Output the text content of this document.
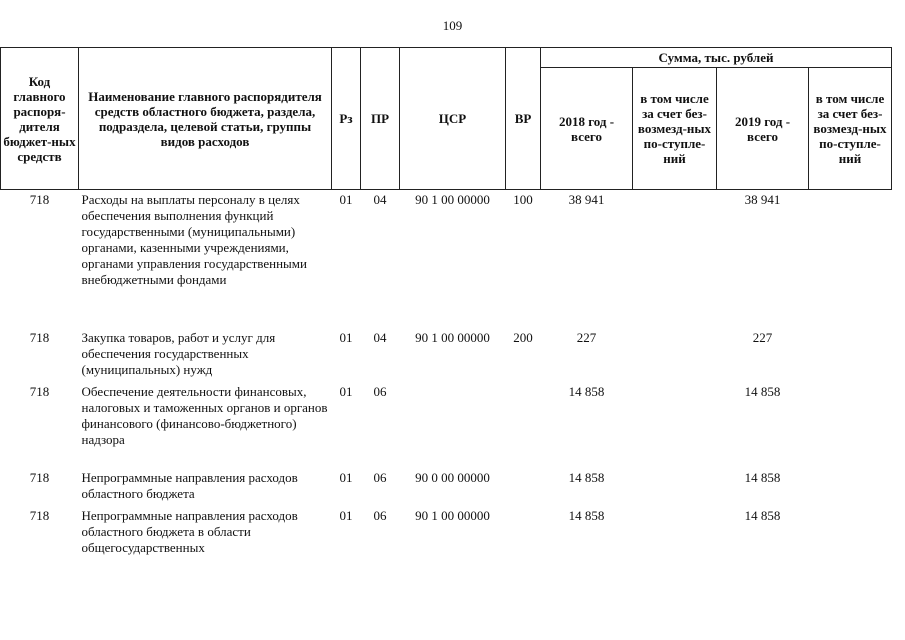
109
Код главного распоря-дителя бюджет-ных средств	Наименование главного распорядителя средств областного бюджета, раздела, подраздела, целевой статьи, группы видов расходов	Рз	ПР	ЦСР	ВР	Сумма, тыс. рублей			
						2018 год - всего	в том числе за счет без-возмезд-ных по-ступле-ний	2019 год - всего	в том числе за счет без-возмезд-ных по-ступле-ний
718	Расходы на выплаты персоналу в целях обеспечения выполнения функций государственными (муниципальными) органами, казенными учреждениями, органами управления государственными внебюджетными фондами	01	04	90 1 00 00000	100	38 941		38 941	
718	Закупка товаров, работ и услуг для обеспечения государственных (муниципальных) нужд	01	04	90 1 00 00000	200	227		227	
718	Обеспечение деятельности финансовых, налоговых и таможенных органов и органов финансового (финансово-бюджетного) надзора	01	06			14 858		14 858	
718	Непрограммные направления расходов областного бюджета	01	06	90 0 00 00000		14 858		14 858	
718	Непрограммные направления расходов областного бюджета в области общегосударственных	01	06	90 1 00 00000		14 858		14 858	
